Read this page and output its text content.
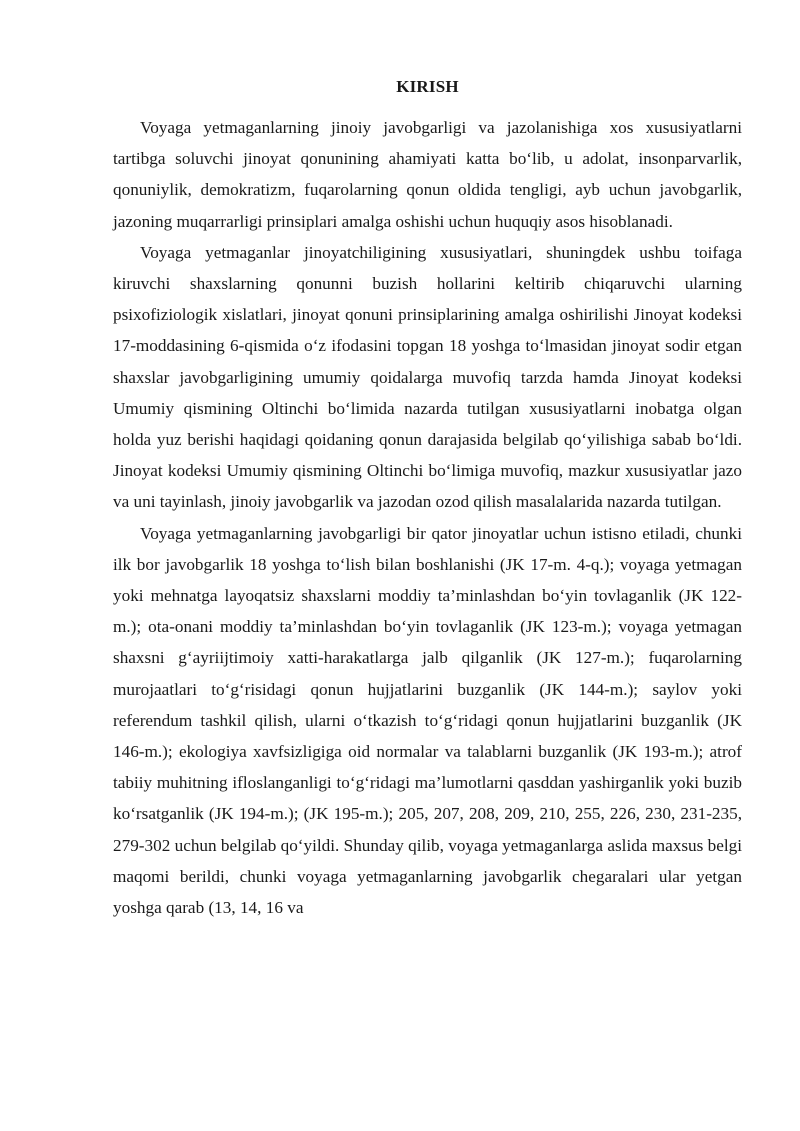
KIRISH

Voyaga yetmaganlarning jinoiy javobgarligi va jazolanishiga xos xususiyatlarni tartibga soluvchi jinoyat qonunining ahamiyati katta bo‘lib, u adolat, insonparvarlik, qonuniylik, demokratizm, fuqarolarning qonun oldida tengligi, ayb uchun javobgarlik, jazoning muqarrarligi prinsiplari amalga oshishi uchun huquqiy asos hisoblanadi.

Voyaga yetmaganlar jinoyatchiligining xususiyatlari, shuningdek ushbu toifaga kiruvchi shaxslarning qonunni buzish hollarini keltirib chiqaruvchi ularning psixofiziologik xislatlari, jinoyat qonuni prinsiplarining amalga oshirilishi Jinoyat kodeksi 17-moddasining 6-qismida o‘z ifodasini topgan 18 yoshga to‘lmasidan jinoyat sodir etgan shaxslar javobgarligining umumiy qoidalarga muvofiq tarzda hamda Jinoyat kodeksi Umumiy qismining Oltinchi bo‘limida nazarda tutilgan xususiyatlarni inobatga olgan holda yuz berishi haqidagi qoidaning qonun darajasida belgilab qo‘yilishiga sabab bo‘ldi. Jinoyat kodeksi Umumiy qismining Oltinchi bo‘limiga muvofiq, mazkur xususiyatlar jazo va uni tayinlash, jinoiy javobgarlik va jazodan ozod qilish masalalarida nazarda tutilgan.

Voyaga yetmaganlarning javobgarligi bir qator jinoyatlar uchun istisno etiladi, chunki ilk bor javobgarlik 18 yoshga to‘lish bilan boshlanishi (JK 17-m. 4-q.); voyaga yetmagan yoki mehnatga layoqatsiz shaxslarni moddiy ta’minlashdan bo‘yin tovlaganlik (JK 122-m.); ota-onani moddiy ta’minlashdan bo‘yin tovlaganlik (JK 123-m.); voyaga yetmagan shaxsni g‘ayriijtimoiy xatti-harakatlarga jalb qilganlik (JK 127-m.); fuqarolarning murojaatlari to‘g‘risidagi qonun hujjatlarini buzganlik (JK 144-m.); saylov yoki referendum tashkil qilish, ularni o‘tkazish to‘g‘ridagi qonun hujjatlarini buzganlik (JK 146-m.); ekologiya xavfsizligiga oid normalar va talablarni buzganlik (JK 193-m.); atrof tabiiy muhitning ifloslanganligi to‘g‘ridagi ma’lumotlarni qasddan yashirganlik yoki buzib ko‘rsatganlik (JK 194-m.); (JK 195-m.); 205, 207, 208, 209, 210, 255, 226, 230, 231-235, 279-302 uchun belgilab qo‘yildi. Shunday qilib, voyaga yetmaganlarga aslida maxsus belgi maqomi berildi, chunki voyaga yetmaganlarning javobgarlik chegaralari ular yetgan yoshga qarab (13, 14, 16 va
